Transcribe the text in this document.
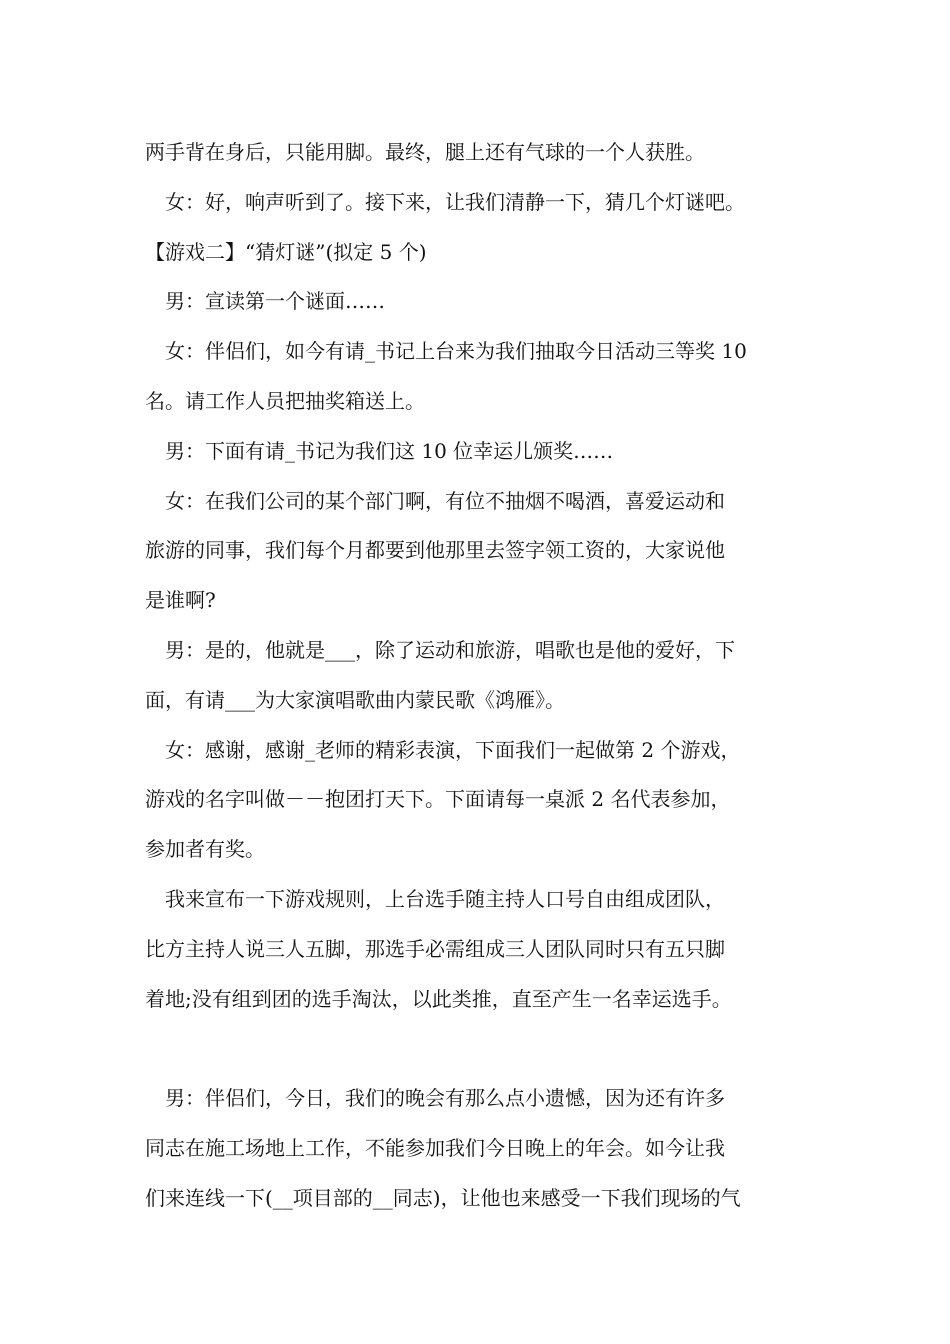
两手背在身后，只能用脚。最终，腿上还有气球的一个人获胜。
女：好，响声听到了。接下来，让我们清静一下，猜几个灯谜吧。
【游戏二】“猜灯谜”(拟定 5 个)
男：宣读第一个谜面……
女：伴侣们，如今有请_书记上台来为我们抽取今日活动三等奖 10
名。请工作人员把抽奖箱送上。
男：下面有请_书记为我们这 10 位幸运儿颁奖……
女：在我们公司的某个部门啊，有位不抽烟不喝酒，喜爱运动和
旅游的同事，我们每个月都要到他那里去签字领工资的，大家说他
是谁啊?
男：是的，他就是___，除了运动和旅游，唱歌也是他的爱好，下
面，有请___为大家演唱歌曲内蒙民歌《鸿雁》。
女：感谢，感谢_老师的精彩表演，下面我们一起做第 2 个游戏，
游戏的名字叫做－－抱团打天下。下面请每一桌派 2 名代表参加，
参加者有奖。
我来宣布一下游戏规则，上台选手随主持人口号自由组成团队，
比方主持人说三人五脚，那选手必需组成三人团队同时只有五只脚
着地;没有组到团的选手淘汰，以此类推，直至产生一名幸运选手。
男：伴侣们，今日，我们的晚会有那么点小遗憾，因为还有许多
同志在施工场地上工作，不能参加我们今日晚上的年会。如今让我
们来连线一下(__项目部的__同志)，让他也来感受一下我们现场的气
